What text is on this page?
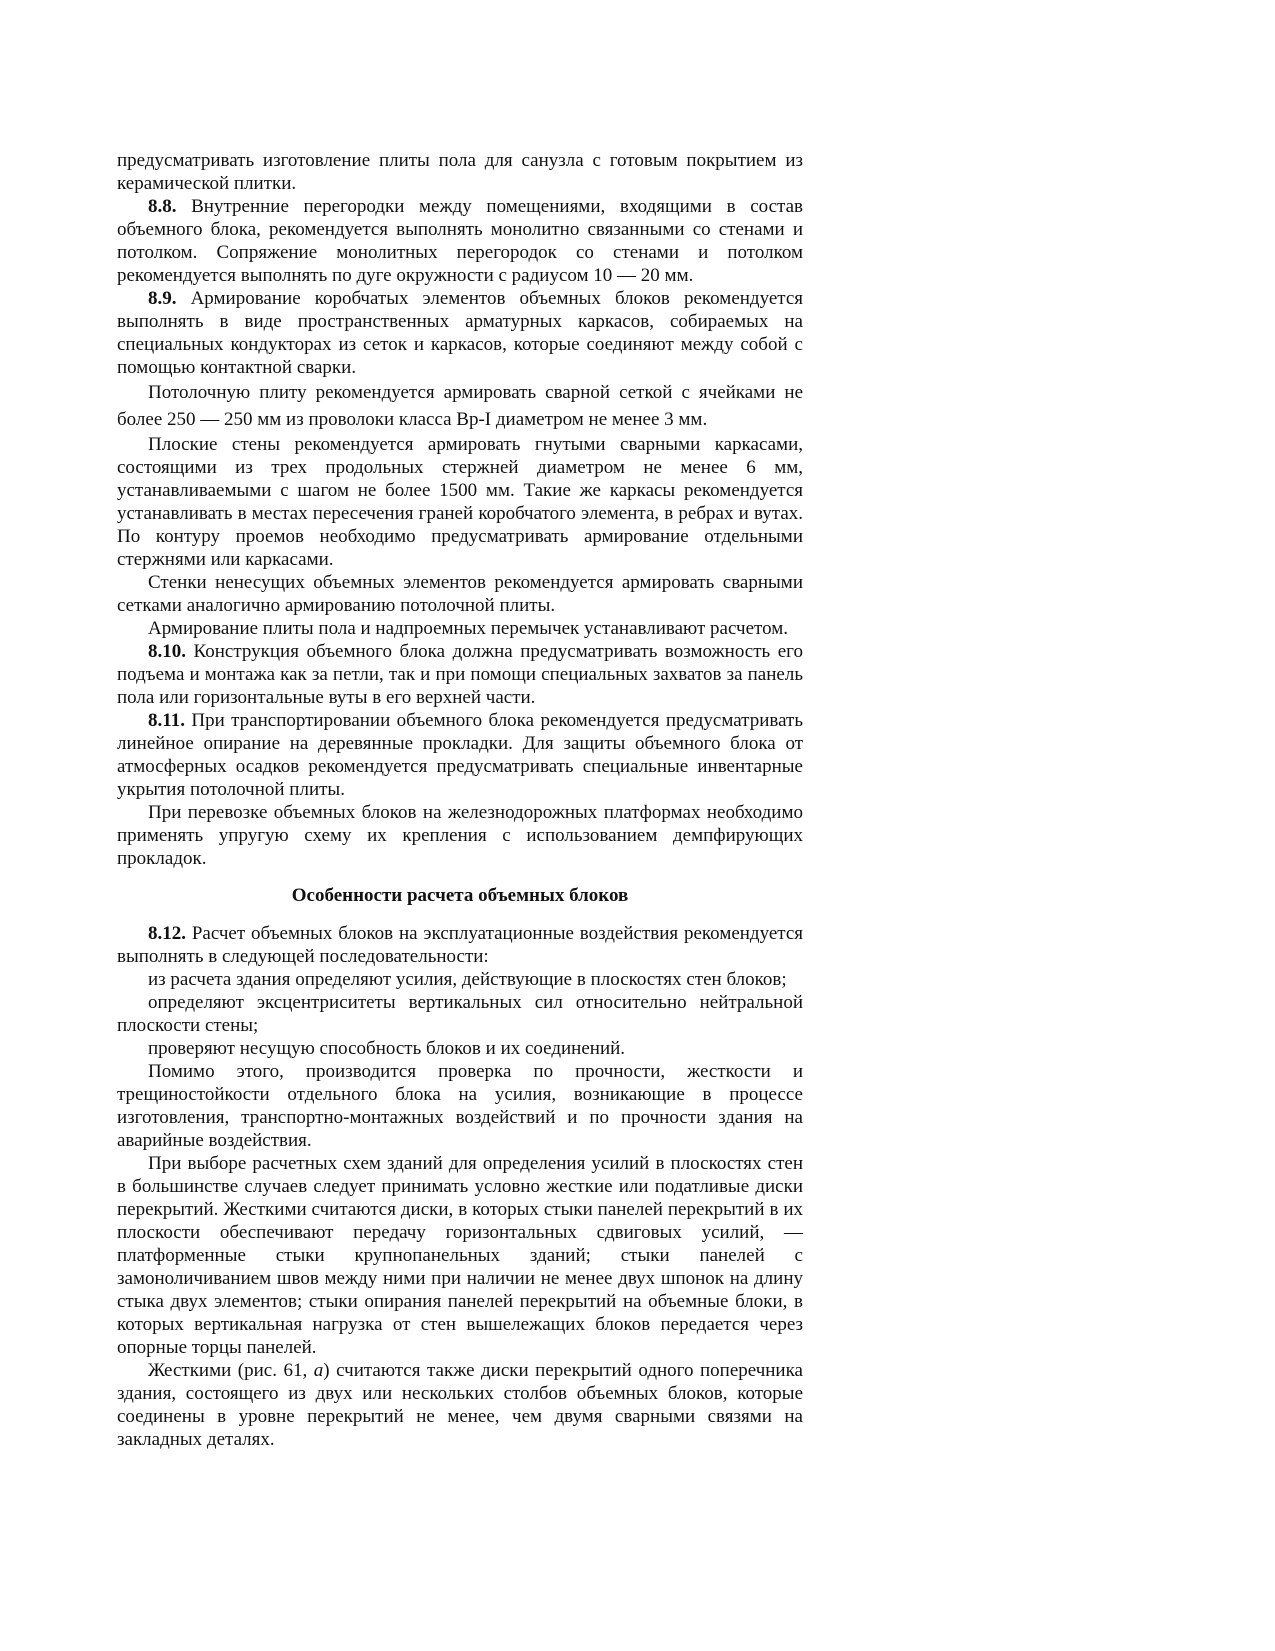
предусматривать изготовление плиты пола для санузла с готовым покрытием из керамической плитки.

8.8. Внутренние перегородки между помещениями, входящими в состав объемного блока, рекомендуется выполнять монолитно связанными со стенами и потолком. Сопряжение монолитных перегородок со стенами и потолком рекомендуется выполнять по дуге окружности с радиусом 10 — 20 мм.

8.9. Армирование коробчатых элементов объемных блоков рекомендуется выполнять в виде пространственных арматурных каркасов, собираемых на специальных кондукторах из сеток и каркасов, которые соединяют между собой с помощью контактной сварки.

Потолочную плиту рекомендуется армировать сварной сеткой с ячейками не более 250 — 250 мм из проволоки класса Вр-I диаметром не менее 3 мм.

Плоские стены рекомендуется армировать гнутыми сварными каркасами, состоящими из трех продольных стержней диаметром не менее 6 мм, устанавливаемыми с шагом не более 1500 мм. Такие же каркасы рекомендуется устанавливать в местах пересечения граней коробчатого элемента, в ребрах и вутах. По контуру проемов необходимо предусматривать армирование отдельными стержнями или каркасами.

Стенки ненесущих объемных элементов рекомендуется армировать сварными сетками аналогично армированию потолочной плиты.

Армирование плиты пола и надпроемных перемычек устанавливают расчетом.

8.10. Конструкция объемного блока должна предусматривать возможность его подъема и монтажа как за петли, так и при помощи специальных захватов за панель пола или горизонтальные вуты в его верхней части.

8.11. При транспортировании объемного блока рекомендуется предусматривать линейное опирание на деревянные прокладки. Для защиты объемного блока от атмосферных осадков рекомендуется предусматривать специальные инвентарные укрытия потолочной плиты.

При перевозке объемных блоков на железнодорожных платформах необходимо применять упругую схему их крепления с использованием демпфирующих прокладок.

Особенности расчета объемных блоков

8.12. Расчет объемных блоков на эксплуатационные воздействия рекомендуется выполнять в следующей последовательности:

из расчета здания определяют усилия, действующие в плоскостях стен блоков;

определяют эксцентриситеты вертикальных сил относительно нейтральной плоскости стены;

проверяют несущую способность блоков и их соединений.

Помимо этого, производится проверка по прочности, жесткости и трещиностойкости отдельного блока на усилия, возникающие в процессе изготовления, транспортно-монтажных воздействий и по прочности здания на аварийные воздействия.

При выборе расчетных схем зданий для определения усилий в плоскостях стен в большинстве случаев следует принимать условно жесткие или податливые диски перекрытий. Жесткими считаются диски, в которых стыки панелей перекрытий в их плоскости обеспечивают передачу горизонтальных сдвиговых усилий, — платформенные стыки крупнопанельных зданий; стыки панелей с замоноличиванием швов между ними при наличии не менее двух шпонок на длину стыка двух элементов; стыки опирания панелей перекрытий на объемные блоки, в которых вертикальная нагрузка от стен вышележащих блоков передается через опорные торцы панелей.

Жесткими (рис. 61, а) считаются также диски перекрытий одного поперечника здания, состоящего из двух или нескольких столбов объемных блоков, которые соединены в уровне перекрытий не менее, чем двумя сварными связями на закладных деталях.
